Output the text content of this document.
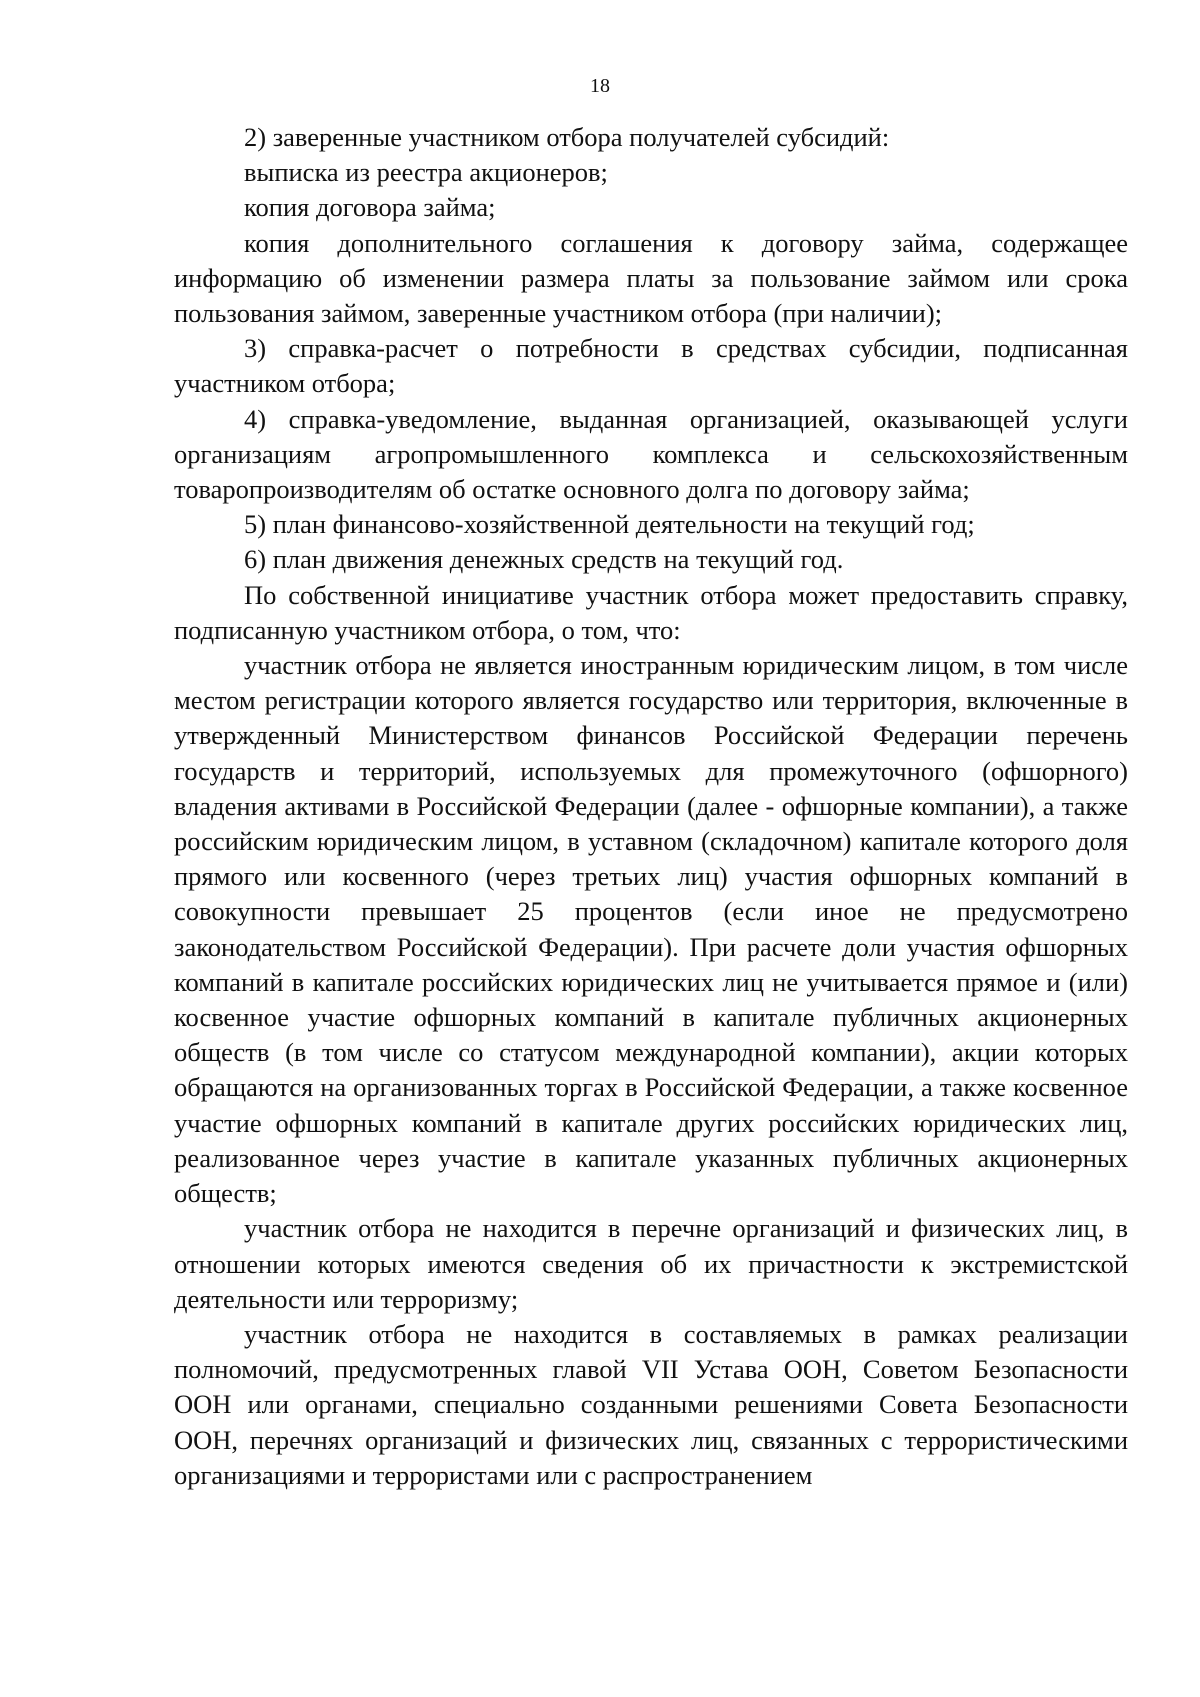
18

2) заверенные участником отбора получателей субсидий:

выписка из реестра акционеров;

копия договора займа;

копия дополнительного соглашения к договору займа, содержащее информацию об изменении размера платы за пользование займом или срока пользования займом, заверенные участником отбора (при наличии);

3) справка-расчет о потребности в средствах субсидии, подписанная участником отбора;

4) справка-уведомление, выданная организацией, оказывающей услуги организациям агропромышленного комплекса и сельскохозяйственным товаропроизводителям об остатке основного долга по договору займа;

5) план финансово-хозяйственной деятельности на текущий год;

6) план движения денежных средств на текущий год.

По собственной инициативе участник отбора может предоставить справку, подписанную участником отбора, о том, что:

участник отбора не является иностранным юридическим лицом, в том числе местом регистрации которого является государство или территория, включенные в утвержденный Министерством финансов Российской Федерации перечень государств и территорий, используемых для промежуточного (офшорного) владения активами в Российской Федерации (далее - офшорные компании), а также российским юридическим лицом, в уставном (складочном) капитале которого доля прямого или косвенного (через третьих лиц) участия офшорных компаний в совокупности превышает 25 процентов (если иное не предусмотрено законодательством Российской Федерации). При расчете доли участия офшорных компаний в капитале российских юридических лиц не учитывается прямое и (или) косвенное участие офшорных компаний в капитале публичных акционерных обществ (в том числе со статусом международной компании), акции которых обращаются на организованных торгах в Российской Федерации, а также косвенное участие офшорных компаний в капитале других российских юридических лиц, реализованное через участие в капитале указанных публичных акционерных обществ;

участник отбора не находится в перечне организаций и физических лиц, в отношении которых имеются сведения об их причастности к экстремистской деятельности или терроризму;

участник отбора не находится в составляемых в рамках реализации полномочий, предусмотренных главой VII Устава ООН, Советом Безопасности ООН или органами, специально созданными решениями Совета Безопасности ООН, перечнях организаций и физических лиц, связанных с террористическими организациями и террористами или с распространением
